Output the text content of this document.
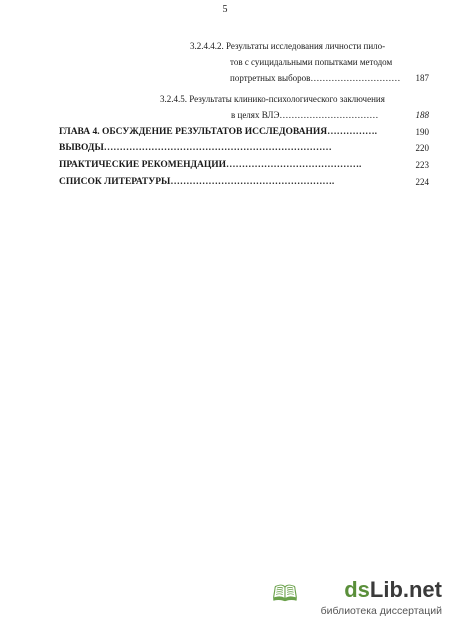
5
3.2.4.4.2. Результаты исследования личности пило-
тов с суицидальными попытками методом
портретных выборов…………………………	187
3.2.4.5. Результаты клинико-психологического заключения
в целях ВЛЭ……………………………	188
ГЛАВА 4. ОБСУЖДЕНИЕ РЕЗУЛЬТАТОВ ИССЛЕДОВАНИЯ…………….	190
ВЫВОДЫ………………………………………………………………	220
ПРАКТИЧЕСКИЕ РЕКОМЕНДАЦИИ…………………………………….	223
СПИСОК ЛИТЕРАТУРЫ…………………………………………….	224
dsLib.net
🕮
библиотека диссертаций
